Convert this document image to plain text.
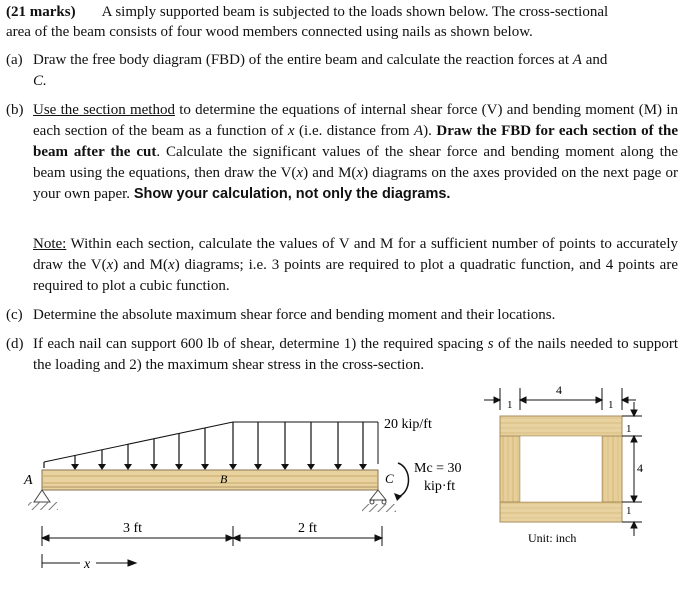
(21 marks) A simply supported beam is subjected to the loads shown below. The cross-sectional
area of the beam consists of four wood members connected using nails as shown below.
(a) Draw the free body diagram (FBD) of the entire beam and calculate the reaction forces at A and
C.
(b) Use the section method to determine the equations of internal shear force (V) and bending moment (M) in each section of the beam as a function of x (i.e. distance from A). Draw the FBD for each section of the beam after the cut. Calculate the significant values of the shear force and bending moment along the beam using the equations, then draw the V(x) and M(x) diagrams on the axes provided on the next page or your own paper. Show your calculation, not only the diagrams.
Note: Within each section, calculate the values of V and M for a sufficient number of points to accurately draw the V(x) and M(x) diagrams; i.e. 3 points are required to plot a quadratic function, and 4 points are required to plot a cubic function.
(c) Determine the absolute maximum shear force and bending moment and their locations.
(d) If each nail can support 600 lb of shear, determine 1) the required spacing s of the nails needed to support the loading and 2) the maximum shear stress in the cross-section.
20 kip/ft
A	B	C
Mc = 30
kip·ft
3 ft	2 ft
x
1
4
1
1
4
1
Unit: inch
